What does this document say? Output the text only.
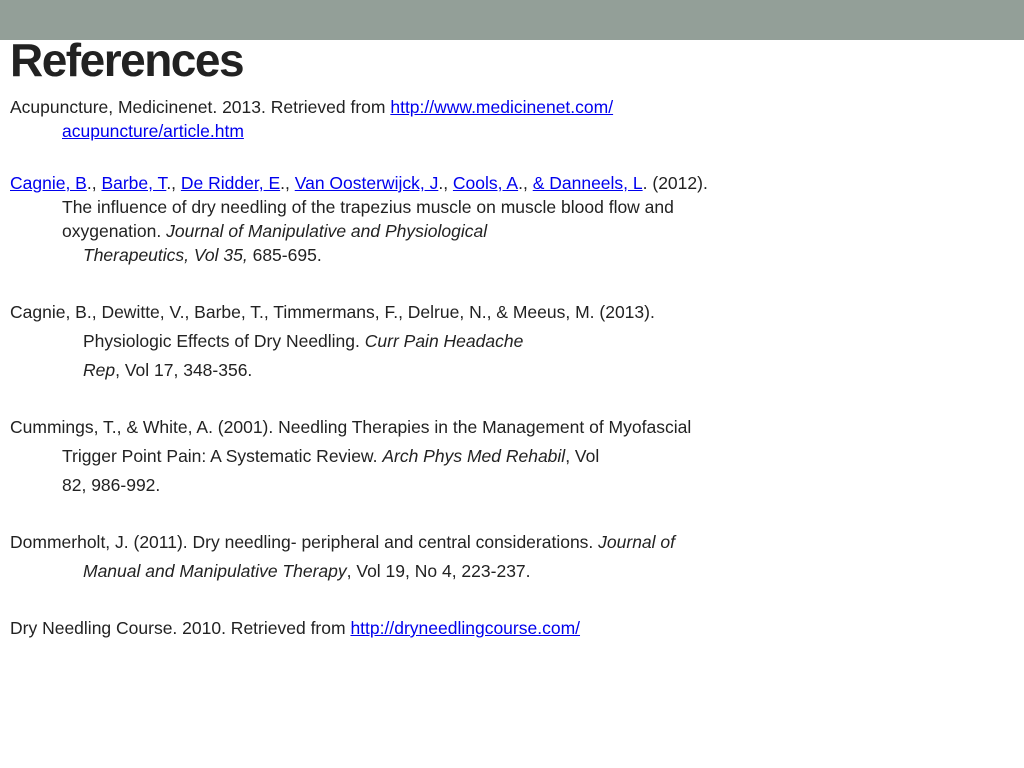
References
Acupuncture, Medicinenet. 2013. Retrieved from http://www.medicinenet.com/
acupuncture/article.htm
Cagnie, B., Barbe, T., De Ridder, E., Van Oosterwijck, J., Cools, A., & Danneels, L. (2012).
The influence of dry needling of the trapezius muscle on muscle blood flow and
oxygenation. Journal of Manipulative and Physiological
Therapeutics, Vol 35, 685-695.
Cagnie, B., Dewitte, V., Barbe, T., Timmermans, F., Delrue, N., & Meeus, M. (2013).
Physiologic Effects of Dry Needling. Curr Pain Headache
Rep, Vol 17, 348-356.
Cummings, T., & White, A. (2001). Needling Therapies in the Management of Myofascial
Trigger Point Pain: A Systematic Review. Arch Phys Med Rehabil, Vol
82, 986-992.
Dommerholt, J. (2011). Dry needling- peripheral and central considerations. Journal of
Manual and Manipulative Therapy, Vol 19, No 4, 223-237.
Dry Needling Course. 2010. Retrieved from http://dryneedlingcourse.com/
